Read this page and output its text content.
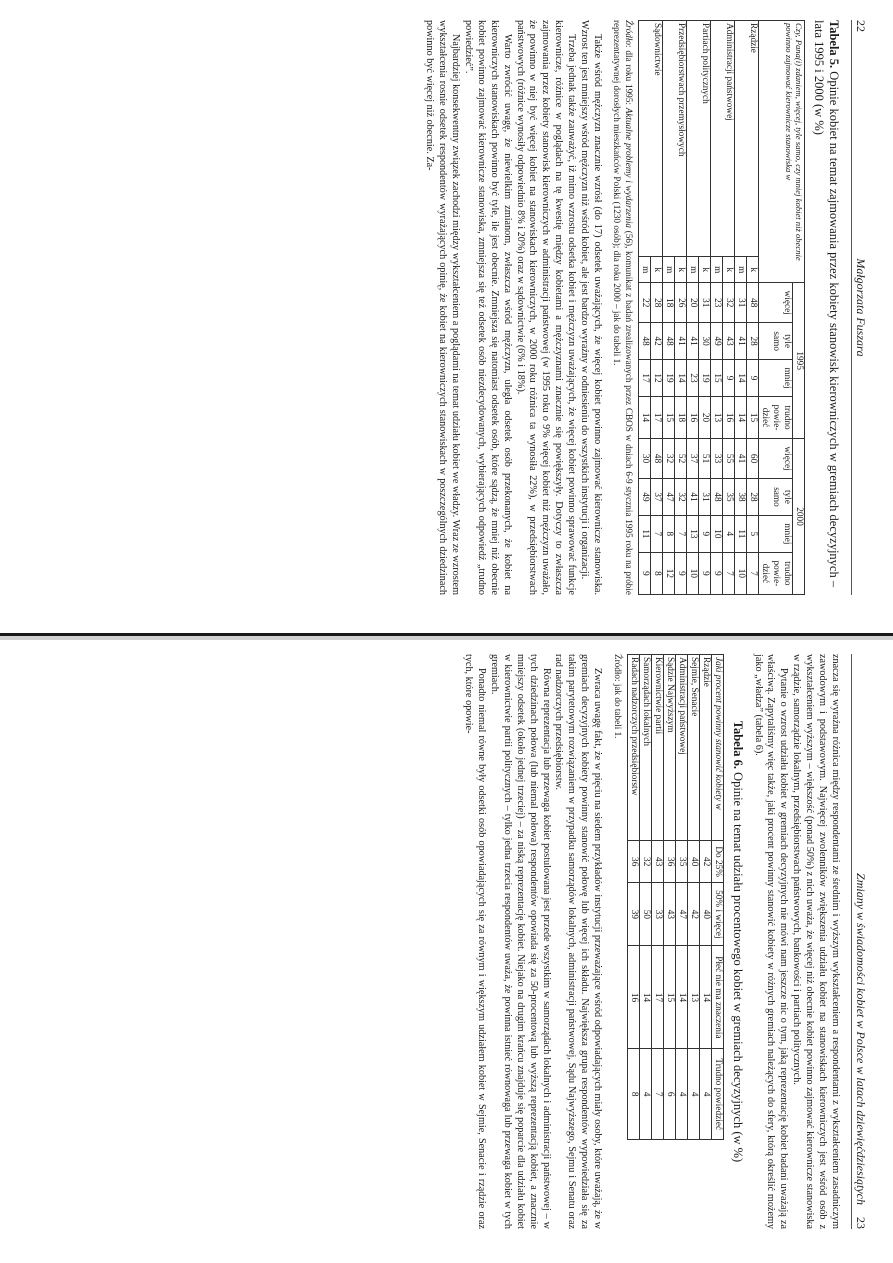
22
Małgorzata Fuszara
Tabela 5. Opinie kobiet na temat zajmowania przez kobiety stanowisk kierowniczych w gremiach decyzyjnych – lata 1995 i 2000 (w %)
Czy, Pana(i) zdaniem, więcej, tyle samo, czy mniej kobiet niż obecnie powinno zajmować kierownicze stanowiska w		1995				2000			
		więcej	tyle samo	mniej	trudno powiedzieć	więcej	tyle samo	mniej	trudno powiedzieć
Rządzie	k	48	28	9	15	60	28	5	7
	m	31	41	14	14	41	38	11	10
Administracji państwowej	k	32	43	9	16	55	35	4	7
	m	23	49	15	13	33	48	10	9
Partiach politycznych	k	31	30	19	20	51	31	9	9
	m	20	41	23	16	37	41	13	10
Przedsiębiorstwach przemysłowych	k	26	41	14	18	52	32	7	9
	m	18	48	19	15	32	47	8	12
Sądownictwie	k	28	42	12	17	48	37	7	8
	m	22	48	17	14	30	49	11	9

Źródło: dla roku 1995: Aktualne problemy i wydarzenia (56), komunikat z badań zrealizowanych przez CBOS w dniach 6-9 stycznia 1995 roku na próbie reprezentatywnej dorosłych mieszkańców Polski (1230 osób); dla roku 2000 – jak do tabeli 1.

Także wśród mężczyzn znacznie wzrósł (do 17) odsetek uważających, że więcej kobiet powinno zajmować kierownicze stanowiska. Wzrost ten jest mniejszy wśród mężczyzn niż wśród kobiet, ale jest bardzo wyraźny w odniesieniu do wszystkich instytucji i organizacji.

Trzeba jednak także zauważyć, iż mimo wzrostu odsetka kobiet i mężczyzn uważających, że więcej kobiet powinno sprawować funkcje kierownicze, różnice w poglądach na tę kwestię między kobietami a mężczyznami znacznie się powiększyły. Dotyczy to zwłaszcza zajmowania przez kobiety stanowisk kierowniczych w administracji państwowej (w 1995 roku o 9% więcej kobiet niż mężczyzn uważało, że powinno w niej być więcej kobiet na stanowiskach kierowniczych, w 2000 roku różnica ta wynosiła 22%), w przedsiębiorstwach państwowych (różnice wynosiły odpowiednio 8% i 20%) oraz w sądownictwie (6% i 18%).

Warto zwrócić uwagę, że niewielkim zmianom, zwłaszcza wśród mężczyzn, uległa odsetek osób przekonanych, że kobiet na kierowniczych stanowiskach powinno być tyle, ile jest obecnie. Zmniejsza się natomiast odsetek osób, które sądzą, że mniej niż obecnie kobiet powinno zajmować kierownicze stanowiska, zmniejsza się też odsetek osób niezdecydowanych, wybierających odpowiedź „trudno powiedzieć”.

Najbardziej konsekwentny związek zachodzi między wykształceniem a poglądami na temat udziału kobiet we władzy. Wraz ze wzrostem wykształcenia rosnie odsetek respondentów wyrażających opinię, że kobiet na kierowniczych stanowiskach w poszczególnych dziedzinach powinno być więcej niż obecnie. Za-

Zmiany w świadomości kobiet w Polsce w latach dziewięćdziesiątych
23

znacza się wyraźna różnica między respondentami ze średnim i wyższym wykształceniem a respondentami z wykształceniem zasadniczym zawodowym i podstawowym. Najwięcej zwolenników zwiększenia udziału kobiet na stanowiskach kierowniczych jest wśród osób z wykształceniem wyższym – większość (ponad 50%) z nich uważa, że więcej niż obecnie kobiet powinno zajmować kierownicze stanowiska w rządzie, samorządzie lokalnym, przedsiębiorstwach państwowych, bankowości i partiach politycznych.

Pytanie o wzrost udziału kobiet w gremiach decyzyjnych nie mówi nam jeszcze nic o tym, jaką reprezentację kobiet badani uważają za właściwą. Zapytaliśmy więc także, jaki procent powinny stanowić kobiety w różnych gremiach należących do sfery, którą określić możemy jako „władza” (tabela 6).

Tabela 6. Opinie na temat udziału procentowego kobiet w gremiach decyzyjnych (w %)
Jaki procent powinny stanowić kobiety w	Do 25%	50% i więcej	Płeć nie ma znaczenia	Trudno powiedzieć
Rządzie	42	40	14	4
Sejmie, Senacie	40	42	13	4
Administracji państwowej	35	47	14	4
Sądzie Najwyższym	36	43	15	6
Kierownictwie partii	43	33	17	7
Samorządach lokalnych	32	50	14	4
Radach nadzorczych przedsiębiorstw	36	39	16	8

Źródło: jak do tabeli 1.

Zwraca uwagę fakt, że w pięciu na siedem przykładów instytucji przeważające wśród odpowiadających miały osoby, które uważają, że w gremiach decyzyjnych kobiety powinny stanowić połowę lub więcej ich składu. Największa grupa respondentów wypowiedziała się za takim parytetowym rozwiązaniem w przypadku samorządów lokalnych, administracji państwowej, Sądu Najwyższego, Sejmu i Senatu oraz rad nadzorczych przedsiębiorstw.

Równa reprezentacja lub przewaga kobiet postulowana jest przede wszystkim w samorządach lokalnych i administracji państwowej – w tych dziedzinach połowa (lub niemal połowa) respondentów opowiada się za 50-procentową lub wyższą reprezentacją kobiet, a znacznie mniejszy odsetek (około jednej trzeciej) – za niską reprezentację kobiet. Niejako na drugim krańcu znajduje się poparcie dla udziału kobiet w kierownictwie partii politycznych – tylko jedna trzecia respondentów uważa, że powinna istnieć równowaga lub przewaga kobiet w tych gremiach.

Ponadto niemal równe były odsetki osób opowiadających się za równym i większym udziałem kobiet w Sejmie, Senacie i rządzie oraz tych, które opowie-
